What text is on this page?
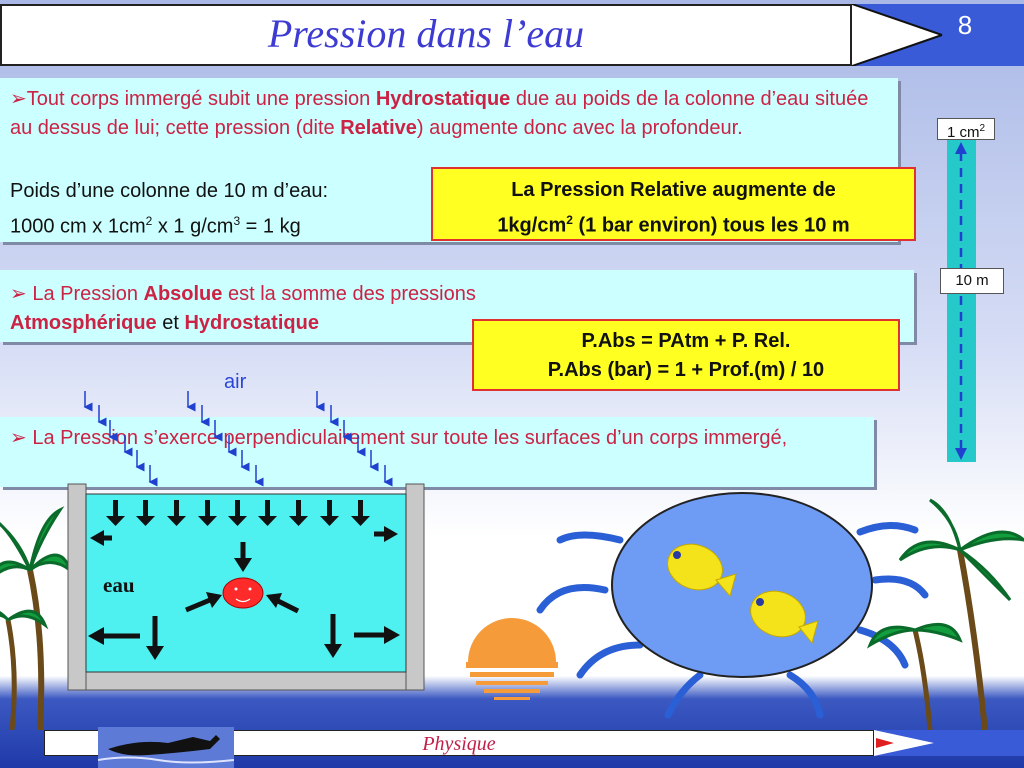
Pression dans l’eau	8
➢Tout corps immergé subit une pression Hydrostatique due au poids de la colonne d’eau située au dessus de lui; cette pression (dite Relative) augmente donc avec la profondeur.
Poids d’une colonne de 10 m d’eau:
1000 cm x $1cm^2$ x 1 $g/cm^3 = 1$ kg
La Pression Relative augmente de
$1kg/cm^2$ (1 bar environ) tous les 10 m
➢ La Pression Absolue est la somme des pressions
Atmosphérique et Hydrostatique
P.Abs = PAtm + P. Rel.
P.Abs (bar) = 1 + Prof.(m) / 10
air
➢ La Pression s’exerce perpendiculairement sur toute les surfaces d’un corps immergé,
1 $cm^2$
10 m
eau
Physique
